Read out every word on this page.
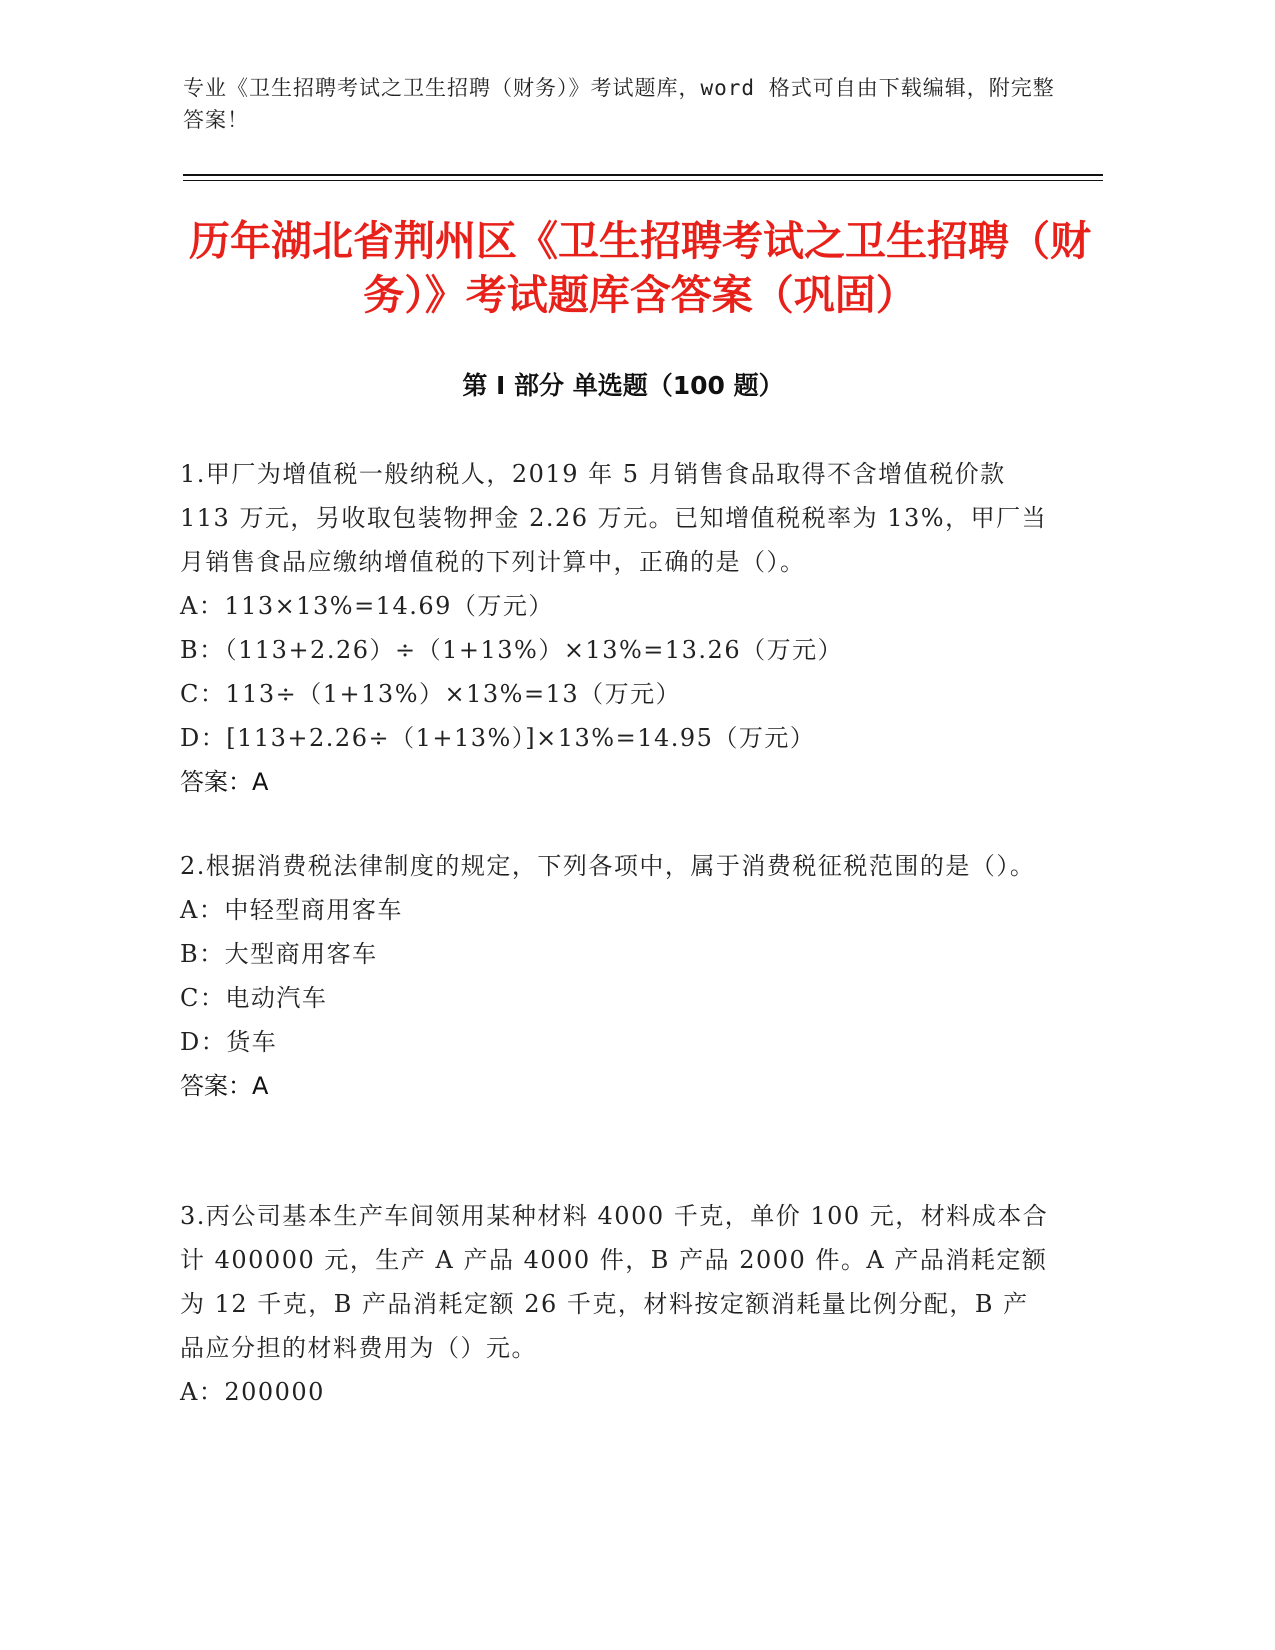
专业《卫生招聘考试之卫生招聘（财务）》考试题库，word 格式可自由下载编辑，附完整答案！
历年湖北省荆州区《卫生招聘考试之卫生招聘（财务）》考试题库含答案（巩固）
第 I 部分 单选题（100 题）
1.甲厂为增值税一般纳税人，2019 年 5 月销售食品取得不含增值税价款 113 万元，另收取包装物押金 2.26 万元。已知增值税税率为 13%，甲厂当月销售食品应缴纳增值税的下列计算中，正确的是（）。
A：113×13%=14.69（万元）
B：（113+2.26）÷（1+13%）×13%=13.26（万元）
C：113÷（1+13%）×13%=13（万元）
D：[113+2.26÷（1+13%）]×13%=14.95（万元）
答案：A
2.根据消费税法律制度的规定，下列各项中，属于消费税征税范围的是（）。
A：中轻型商用客车
B：大型商用客车
C：电动汽车
D：货车
答案：A
3.丙公司基本生产车间领用某种材料 4000 千克，单价 100 元，材料成本合计 400000 元，生产 A 产品 4000 件，B 产品 2000 件。A 产品消耗定额为 12 千克，B 产品消耗定额 26 千克，材料按定额消耗量比例分配，B 产品应分担的材料费用为（）元。
A：200000
